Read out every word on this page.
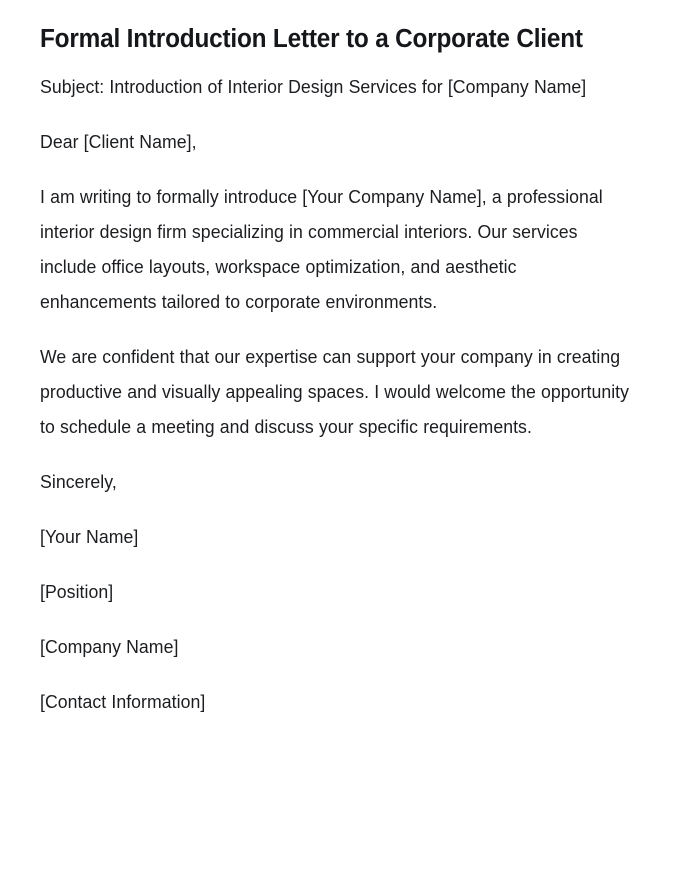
Formal Introduction Letter to a Corporate Client

Subject: Introduction of Interior Design Services for [Company Name]

Dear [Client Name],

I am writing to formally introduce [Your Company Name], a professional interior design firm specializing in commercial interiors. Our services include office layouts, workspace optimization, and aesthetic enhancements tailored to corporate environments.

We are confident that our expertise can support your company in creating productive and visually appealing spaces. I would welcome the opportunity to schedule a meeting and discuss your specific requirements.

Sincerely,

[Your Name]

[Position]

[Company Name]

[Contact Information]
